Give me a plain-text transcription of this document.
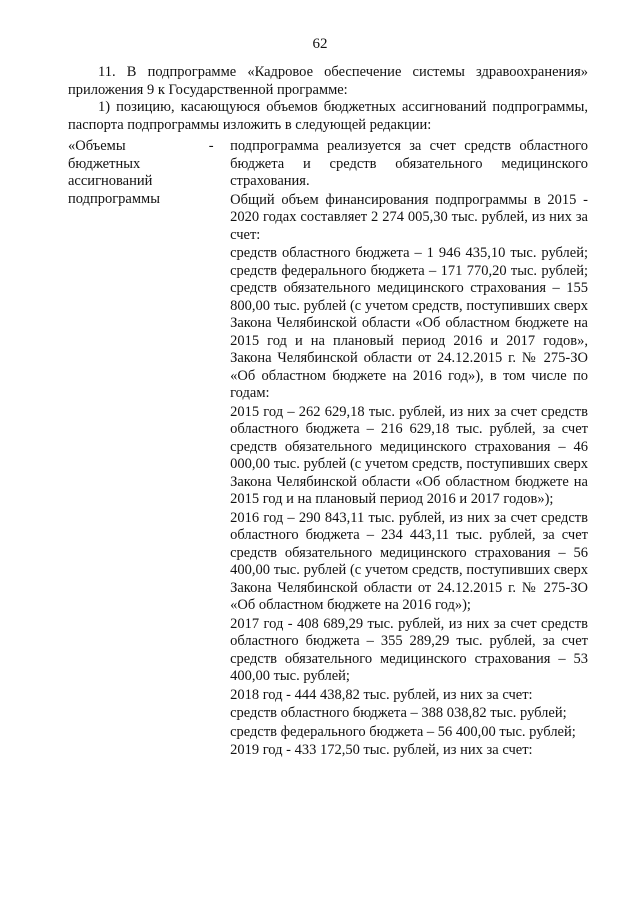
62

11. В подпрограмме «Кадровое обеспечение системы здравоохранения» приложения 9 к Государственной программе:

1) позицию, касающуюся объемов бюджетных ассигнований подпрограммы, паспорта подпрограммы изложить в следующей редакции:

«Объемы
бюджетных
ассигнований
подпрограммы
-	подпрограмма реализуется за счет средств областного бюджета и средств обязательного медицинского страхования.

Общий объем финансирования подпрограммы в 2015 - 2020 годах составляет 2 274 005,30 тыс. рублей, из них за счет:

средств областного бюджета – 1 946 435,10 тыс. рублей; средств федерального бюджета – 171 770,20 тыс. рублей; средств обязательного медицинского страхования – 155 800,00 тыс. рублей (с учетом средств, поступивших сверх Закона Челябинской области «Об областном бюджете на 2015 год и на плановый период 2016 и 2017 годов», Закона Челябинской области от 24.12.2015 г. № 275-ЗО «Об областном бюджете на 2016 год»), в том числе по годам:

2015 год – 262 629,18 тыс. рублей, из них за счет средств областного бюджета – 216 629,18 тыс. рублей, за счет средств обязательного медицинского страхования – 46 000,00 тыс. рублей (с учетом средств, поступивших сверх Закона Челябинской области «Об областном бюджете на 2015 год и на плановый период 2016 и 2017 годов»);

2016 год – 290 843,11 тыс. рублей, из них за счет средств областного бюджета – 234 443,11 тыс. рублей, за счет средств обязательного медицинского страхования – 56 400,00 тыс. рублей (с учетом средств, поступивших сверх Закона Челябинской области от 24.12.2015 г. № 275-ЗО «Об областном бюджете на 2016 год»);

2017 год - 408 689,29 тыс. рублей, из них за счет средств областного бюджета – 355 289,29 тыс. рублей, за счет средств обязательного медицинского страхования – 53 400,00 тыс. рублей;

2018 год - 444 438,82 тыс. рублей, из них за счет:

средств областного бюджета – 388 038,82 тыс. рублей;

средств федерального бюджета – 56 400,00 тыс. рублей;

2019 год - 433 172,50 тыс. рублей, из них за счет:
